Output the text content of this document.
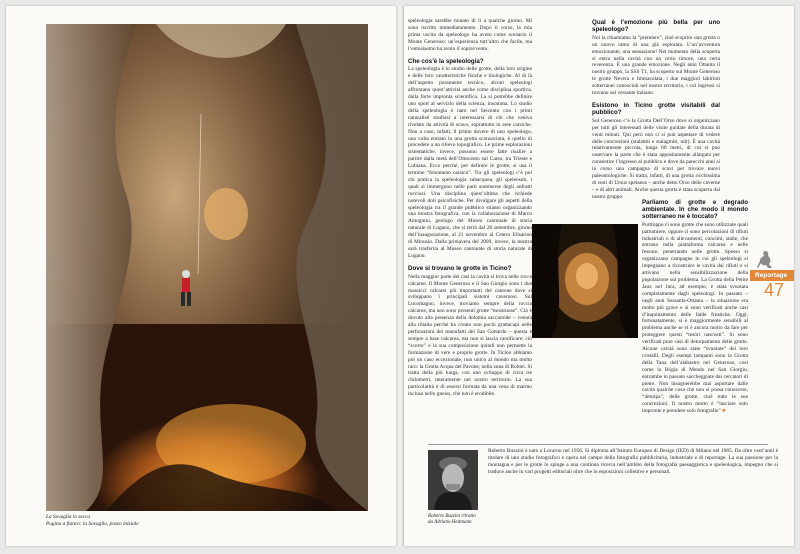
La Sovaglia in secca
Pagina a fianco: la Sovaglia, pozzo iniziale
Qual è l’emozione più bella per uno speleologo?

Noi la chiamiamo la “premiere”, cioè scoprire una grotta o un nuovo ramo di una già esplorata. L’un’avventura emozionante, una sensazione! Nel momento della scoperta si entra nella cavità con un certo timore, una certa reverenza. È una grande emozione. Negli anni Ottanta il nostro gruppo, la SSS T1, ha scoperto sul Monte Generoso le grotte Nevera e Immacolata, i due maggiori labirinti sotterranei conosciuti nel nostro territorio, i cui ingressi si trovano sul versante italiano.

Esistono in Ticino grotte visitabili dal pubblico?

Sul Generoso c’è la Grotta Dell’Orso dove si organizzano per tutti gli interessati delle visite guidate della durata di venti minuti. Qui però non ci si può aspettare di vedere delle concrezioni (stalattiti e stalagmiti, ndr). È una cavità relativamente piccola, lunga 60 metri, di cui si può osservare la parte che è stata appositamente allargata per consentire l’ingresso al pubblico e dove da parecchi anni si in corso una campagna di scavi per trovare nuovi paleontologiche. Si tratta, infatti, di una grotta ricchissima di resti di Ursus spelaeus – anche detto Orso delle caverne – e di altri animali. Anche questa grotta è stata scoperta dal nostro gruppo.

Parliamo di grotte e degrado ambientale. In che modo il mondo sotterraneo ne è toccato?

Purtroppo ci sono grotte che sono utilizzate quali pattumiere, oppure ci sono percolazioni di rifiuti industriali o di allevamenti, concimi, stalle, che entrano nella piattaforma calcarea e nelle fessure, penetrando nelle grotte. Spesso si organizzano campagne in cui gli speleologi si impegnano a ricostruire le cavità dai rifiuti e si attivano nella sensibilizzazione della popolazione sul problema. La Grotta della Petite Jaux nel Jura, ad esempio, è stata svuotata completamente dagli speleologi. In passato – negli anni Sessanta-Ottanta – la situazione era molto più grave e si sono verificati anche casi d’inquinamento delle falde freatiche. Oggi, fortunatamente, si è maggiormente sensibili al problema anche se vi è ancora molto da fare per proteggere questi “tesori nascosti”. Si sono verificati pure casi di deturpamento delle grotte. Alcune cavità sono state “svuotate” dei loro cristalli. Degli esempi lampanti sono la Grotta della Tana dell’alabastro nel Generoso, così come la Bögia di Mendo nel San Giorgio, entrambe in passato saccheggiate dai cercatori di pietre. Non bisognerebbe mai asportare dalle cavità qualche cosa che non si possa conoscere, “deturpa”, delle grotte, cioè tutte le sue concrezioni. Il nostro motto è “lasciare solo impronte e prendere solo fotografie” ■

Reportage
47
Roberto Buzzini ritratto
da Adriano Heitmann
Roberto Buzzini è nato a Locarno nel 1956. Si diploma all’Istituto Europeo di Design (IED) di Milano nel 1985. Da oltre vent’anni è titolare di uno studio fotografico e opera nel campo della fotografia pubblicitaria, industriale e di reportage. La sua passione per la montagna e per le grotte lo spinge a una continua ricerca nell’ambito della fotografia paesaggistica e speleologica, impegno che si traduce anche in vari progetti editoriali oltre che in esposizioni collettive e personali.

speleologia sarebbe mutato di lì a qualche giorno. Mi sono iscritto immediatamente. Dopo il corso, la mia prima uscita da speleologo ha avuto come scenario il Monte Generoso: un’esperienza tutt’altro che facile, ma l’entusiasmo ha avuto il sopravvento.

Che cos’è la speleologia?

La speleologia è lo studio delle grotte, della loro origine e delle loro caratteristiche fisiche e biologiche. Al di là dell’aspetto puramente tecnico, alcuni speleologi affrontano quest’attività anche come disciplina sportiva, dalla forte impronta scientifica. La si potrebbe definire uno sport al servizio della scienza, insomma. Lo studio della speleologia è nato nel Seicento con i primi naturalisti studiosi a interessarsi di ciò che veniva rivelato da attività di scavo, soprattutto in aree carsiche. Non a caso, infatti, il primo dovere di uno speleologo, una volta entrato in una grotta sconosciuta, è quello di procedere a un rilievo topografico. Le prime esplorazioni sistematiche, invece, possono essere fatte risalire a partire dalla metà dell’Ottocento sul Carso, tra Trieste e Lubiana. Ecco perché, per definire le grotte, si usa il termine “fenomeno carsico”. Tra gli speleologi c’è poi chi pratica la speleologia subacquea, gli speleosub, i quali si immergono nelle parti sommerse degli anfratti rocciosi. Una disciplina quest’ultima che richiede notevoli doti psicofisiche. Per divulgare gli aspetti della speleologia tra il grande pubblico stiamo organizzando una mostra fotografica, con la collaborazione di Marco Antognini, geologo del Museo cantonale di storia naturale di Lugano, che si terrà dal 26 settembre, giorno dell’inaugurazione, al 21 novembre al Centro Elisarion di Minusio. Dalla primavera del 2009, invece, la mostra sarà trasferita al Museo cantonale di storia naturale di Lugano.

Dove si trovano le grotte in Ticino?

Nella maggior parte dei casi la cavità si trova nelle rocce calcaree. Il Monte Generoso e il San Giorgio sono i due massicci calcarei più importanti del cantone dove si sviluppano i principali sistemi cavernosi. Sul Lucomagno, invece, troviamo sempre della roccia calcarea, ma non sono presenti grotte “mostruose”. Ciò è dovuto alla presenza della dolomia saccaroide – venuta alla ribalta perché ha creato non pochi grattacapi nelle perforazioni dei manufatti del San Gottardo – questa è sempre a base calcarea, ma non si lascia carsificare; ciò “scorre” e la sua composizione quindi non permette la formazione di vere e proprie grotte. In Ticino abbiamo poi un caso eccezionale, non unico al mondo ma molto raro: la Grotta Acqua del Pavone, nella zona di Robiei. Si tratta della più lunga, con uno sviluppo di circa tre chilometri, interamente nel nostro territorio. La sua particolarità è di essersi formata da una vena di marmo inclusa nello gneiss, che non è erodibile.
